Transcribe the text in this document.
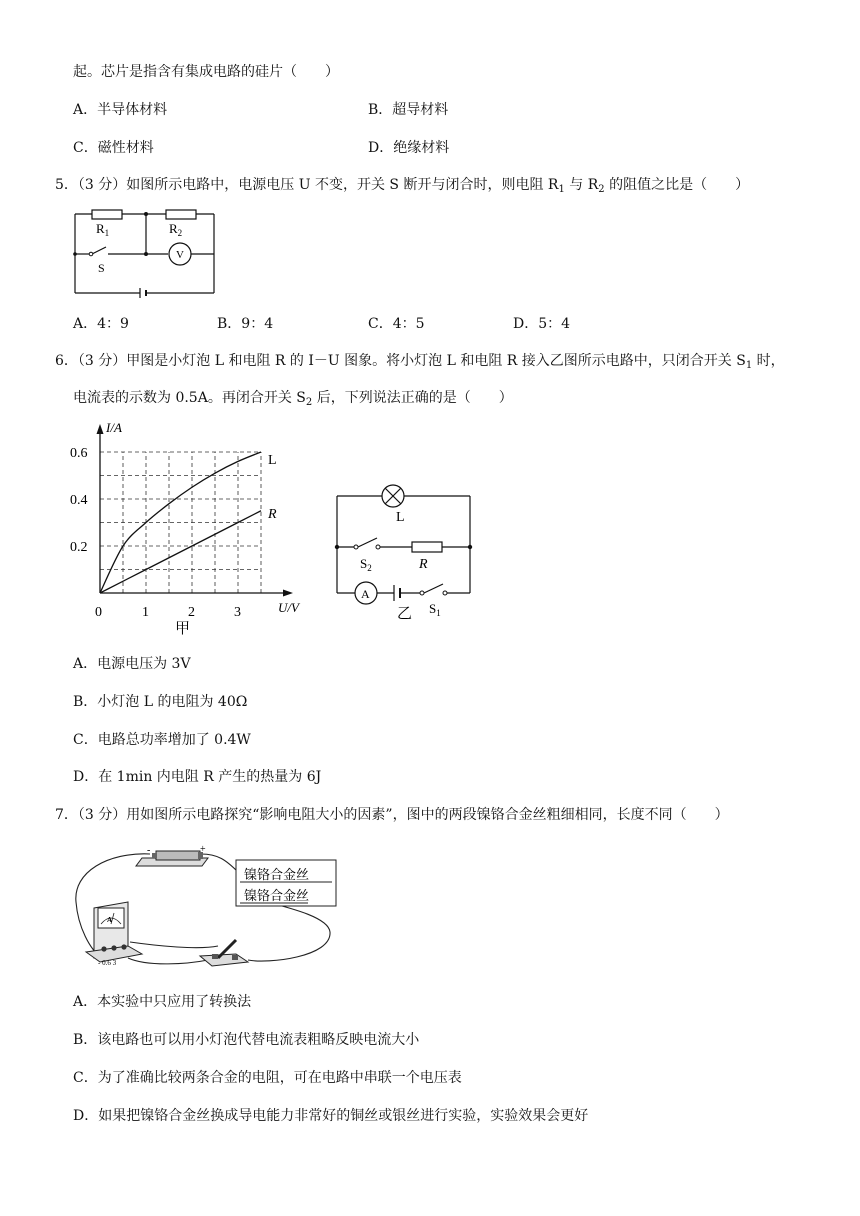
起。芯片是指含有集成电路的硅片（　　）
A．半导体材料	B．超导材料
C．磁性材料	D．绝缘材料
5．（3 分）如图所示电路中，电源电压 U 不变，开关 S 断开与闭合时，则电阻 $R_1$ 与 $R_2$ 的阻值之比是（　　）
$R_1$	$R_2$
S
V
A．4：9	B．9：4	C．4：5	D．5：4
6．（3 分）甲图是小灯泡 L 和电阻 R 的 I－U 图象。将小灯泡 L 和电阻 R 接入乙图所示电路中，只闭合开关 $S_1$ 时，
电流表的示数为 0.5A。再闭合开关 $S_2$ 后，下列说法正确的是（　　）
0.6
0.4
0.2
0	1	2	3
I/A
U/V
L
R
甲
L
$S_2$	R
A
$S_1$
乙
A．电源电压为 3V
B．小灯泡 L 的电阻为 40Ω
C．电路总功率增加了 0.4W
D．在 1min 内电阻 R 产生的热量为 6J
7．（3 分）用如图所示电路探究“影响电阻大小的因素”，图中的两段镍铬合金丝粗细相同，长度不同（　　）
-	+
镍铬合金丝
镍铬合金丝
A
- 0.6 3
A．本实验中只应用了转换法
B．该电路也可以用小灯泡代替电流表粗略反映电流大小
C．为了准确比较两条合金的电阻，可在电路中串联一个电压表
D．如果把镍铬合金丝换成导电能力非常好的铜丝或银丝进行实验，实验效果会更好
